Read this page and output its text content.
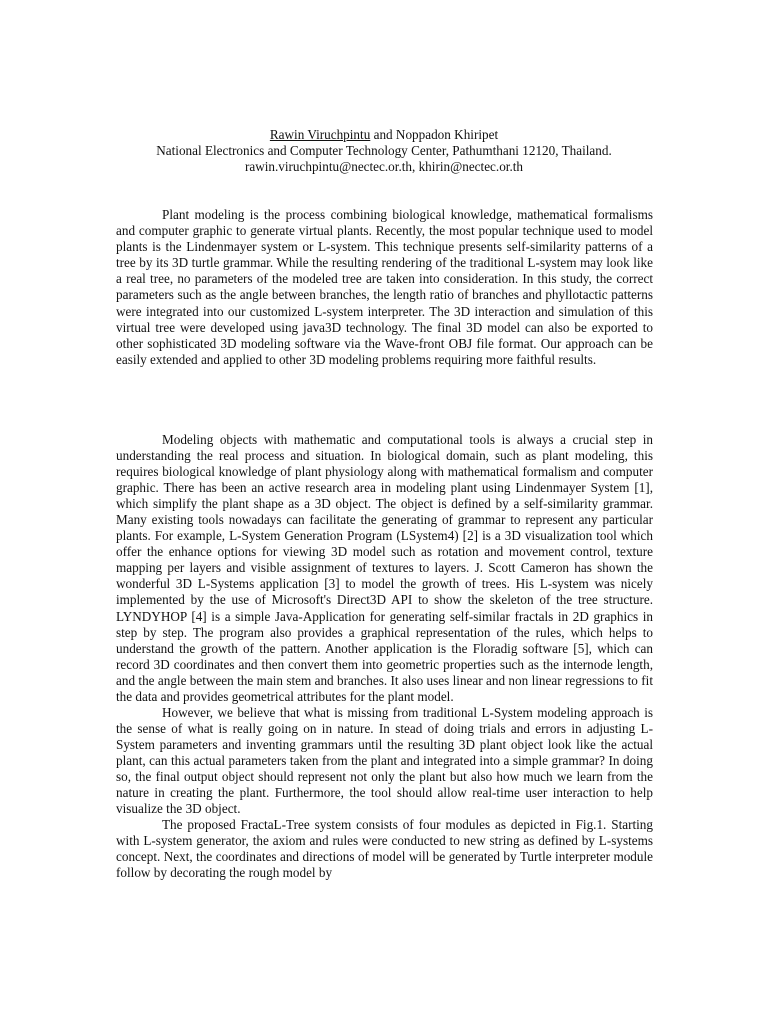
Rawin Viruchpintu and Noppadon Khiripet
National Electronics and Computer Technology Center, Pathumthani 12120, Thailand.
rawin.viruchpintu@nectec.or.th, khirin@nectec.or.th

Plant modeling is the process combining biological knowledge, mathematical formalisms and computer graphic to generate virtual plants. Recently, the most popular technique used to model plants is the Lindenmayer system or L-system. This technique presents self-similarity patterns of a tree by its 3D turtle grammar. While the resulting rendering of the traditional L-system may look like a real tree, no parameters of the modeled tree are taken into consideration. In this study, the correct parameters such as the angle between branches, the length ratio of branches and phyllotactic patterns were integrated into our customized L-system interpreter. The 3D interaction and simulation of this virtual tree were developed using java3D technology. The final 3D model can also be exported to other sophisticated 3D modeling software via the Wave-front OBJ file format. Our approach can be easily extended and applied to other 3D modeling problems requiring more faithful results.

Modeling objects with mathematic and computational tools is always a crucial step in understanding the real process and situation. In biological domain, such as plant modeling, this requires biological knowledge of plant physiology along with mathematical formalism and computer graphic. There has been an active research area in modeling plant using Lindenmayer System [1], which simplify the plant shape as a 3D object. The object is defined by a self-similarity grammar. Many existing tools nowadays can facilitate the generating of grammar to represent any particular plants. For example, L-System Generation Program (LSystem4) [2] is a 3D visualization tool which offer the enhance options for viewing 3D model such as rotation and movement control, texture mapping per layers and visible assignment of textures to layers. J. Scott Cameron has shown the wonderful 3D L-Systems application [3] to model the growth of trees. His L-system was nicely implemented by the use of Microsoft's Direct3D API to show the skeleton of the tree structure. LYNDYHOP [4] is a simple Java-Application for generating self-similar fractals in 2D graphics in step by step. The program also provides a graphical representation of the rules, which helps to understand the growth of the pattern. Another application is the Floradig software [5], which can record 3D coordinates and then convert them into geometric properties such as the internode length, and the angle between the main stem and branches. It also uses linear and non linear regressions to fit the data and provides geometrical attributes for the plant model.

However, we believe that what is missing from traditional L-System modeling approach is the sense of what is really going on in nature. In stead of doing trials and errors in adjusting L-System parameters and inventing grammars until the resulting 3D plant object look like the actual plant, can this actual parameters taken from the plant and integrated into a simple grammar? In doing so, the final output object should represent not only the plant but also how much we learn from the nature in creating the plant. Furthermore, the tool should allow real-time user interaction to help visualize the 3D object.

The proposed FractaL-Tree system consists of four modules as depicted in Fig.1. Starting with L-system generator, the axiom and rules were conducted to new string as defined by L-systems concept. Next, the coordinates and directions of model will be generated by Turtle interpreter module follow by decorating the rough model by
